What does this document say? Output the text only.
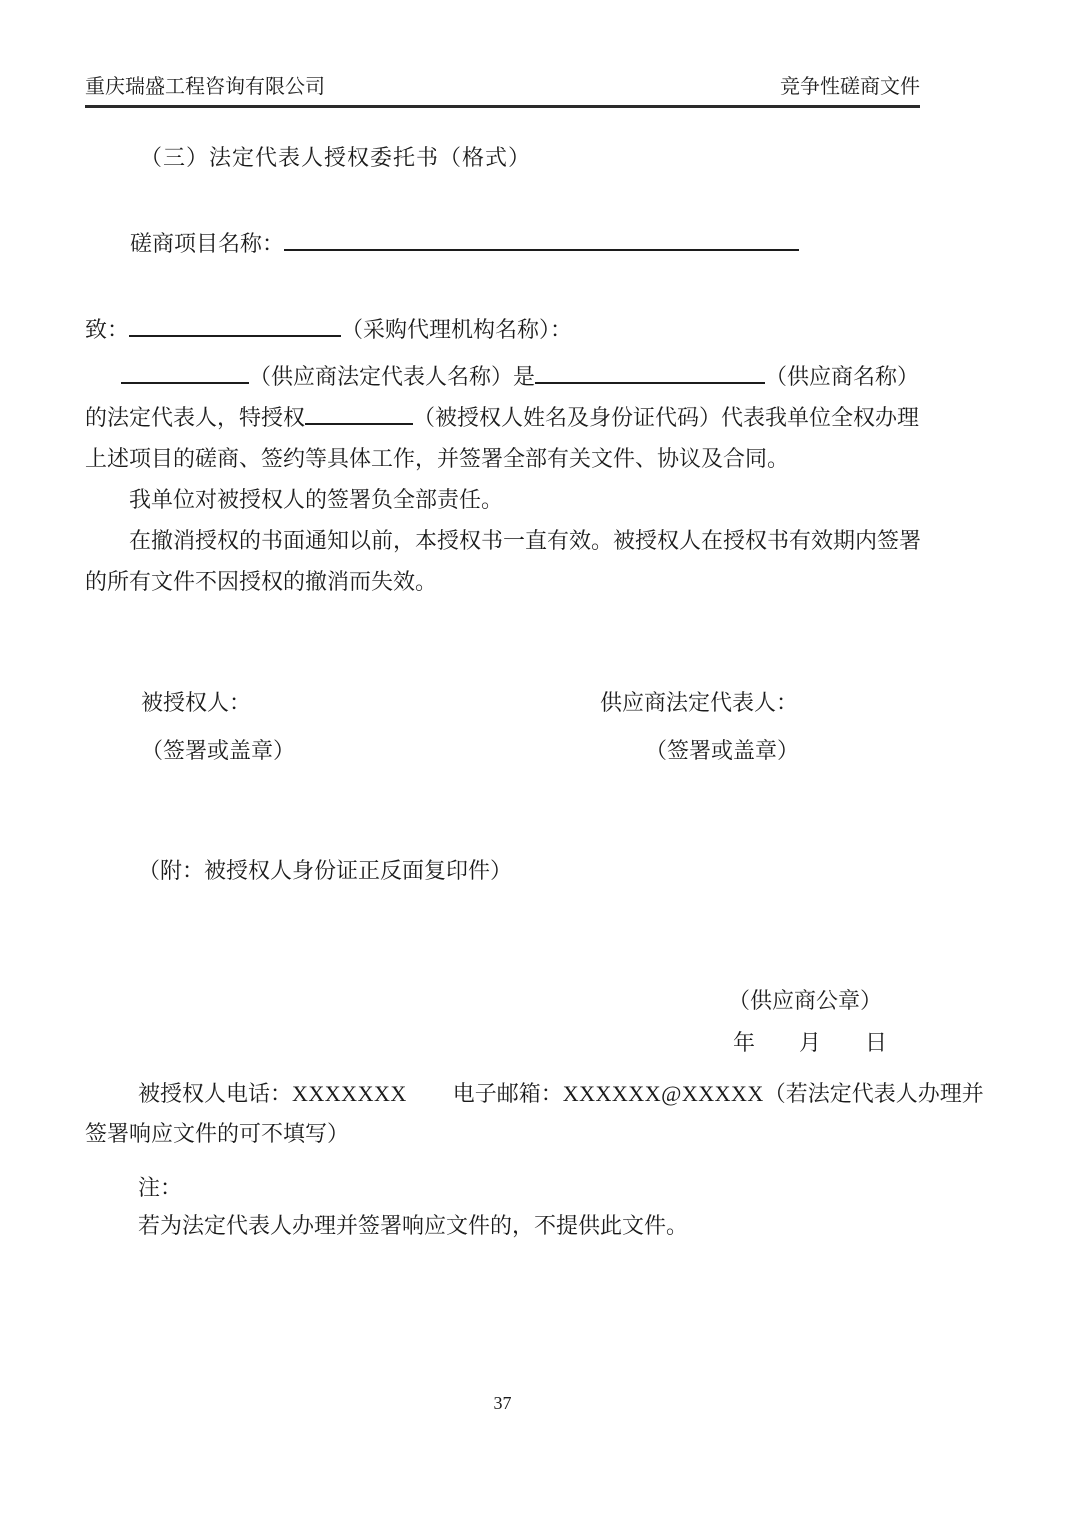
重庆瑞盛工程咨询有限公司	竞争性磋商文件
（三）法定代表人授权委托书（格式）
磋商项目名称：
致：	（采购代理机构名称）：
（供应商法定代表人名称）是	（供应商名称）
的法定代表人，特授权	（被授权人姓名及身份证代码）代表我单位全权办理
上述项目的磋商、签约等具体工作，并签署全部有关文件、协议及合同。
我单位对被授权人的签署负全部责任。
在撤消授权的书面通知以前，本授权书一直有效。被授权人在授权书有效期内签署
的所有文件不因授权的撤消而失效。
被授权人：
（签署或盖章）
供应商法定代表人：
（签署或盖章）
（附：被授权人身份证正反面复印件）
（供应商公章）
年　　月　　日
被授权人电话：XXXXXXX 电子邮箱：XXXXXX@XXXXX（若法定代表人办理并
签署响应文件的可不填写）
注：
若为法定代表人办理并签署响应文件的，不提供此文件。
37
